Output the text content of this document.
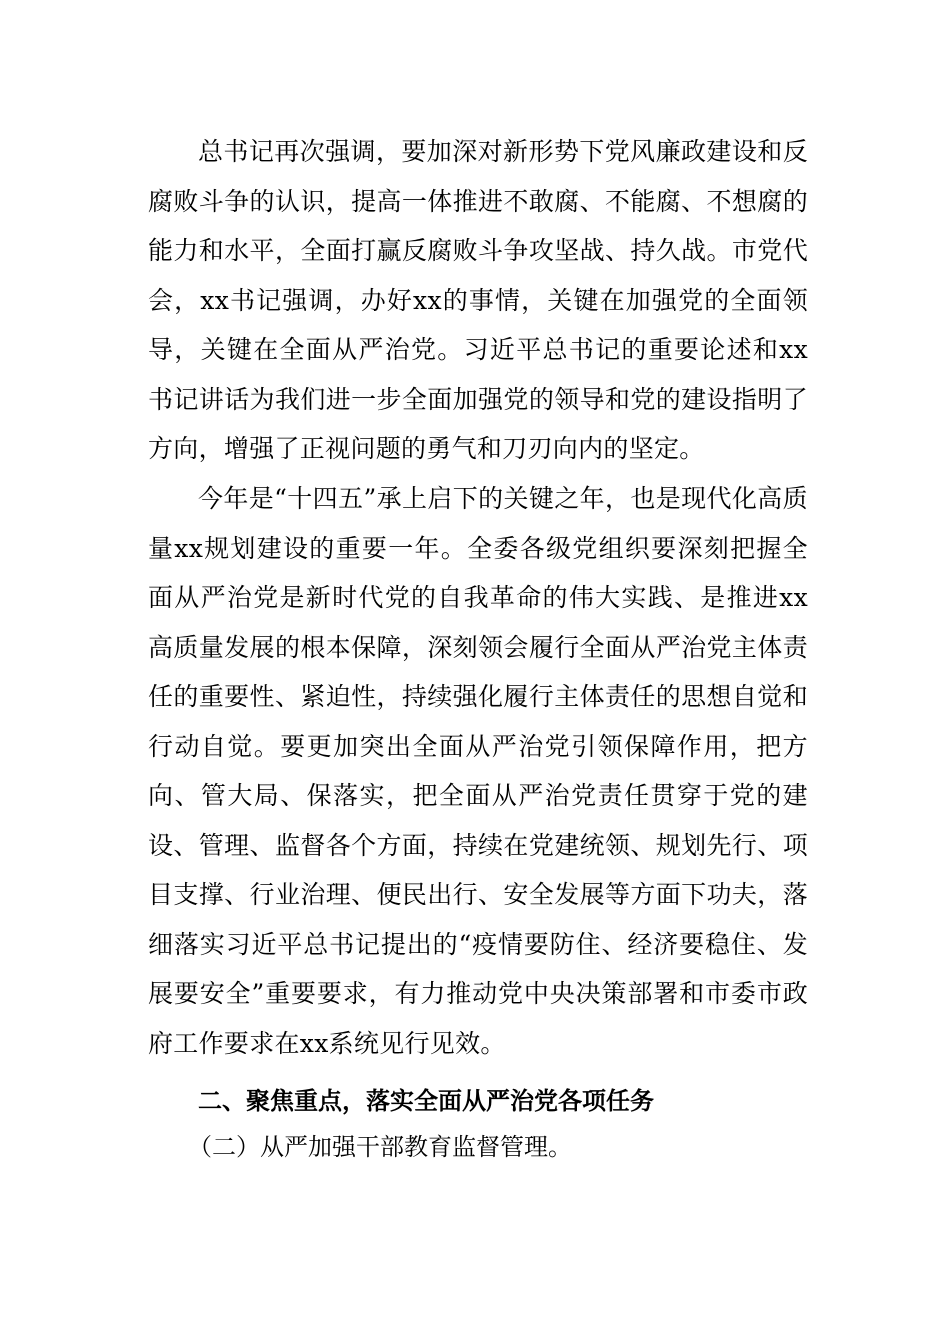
总书记再次强调，要加深对新形势下党风廉政建设和反腐败斗争的认识，提高一体推进不敢腐、不能腐、不想腐的能力和水平，全面打赢反腐败斗争攻坚战、持久战。市党代会，xx书记强调，办好xx的事情，关键在加强党的全面领导，关键在全面从严治党。习近平总书记的重要论述和xx书记讲话为我们进一步全面加强党的领导和党的建设指明了方向，增强了正视问题的勇气和刀刃向内的坚定。

今年是“十四五”承上启下的关键之年，也是现代化高质量xx规划建设的重要一年。全委各级党组织要深刻把握全面从严治党是新时代党的自我革命的伟大实践、是推进xx高质量发展的根本保障，深刻领会履行全面从严治党主体责任的重要性、紧迫性，持续强化履行主体责任的思想自觉和行动自觉。要更加突出全面从严治党引领保障作用，把方向、管大局、保落实，把全面从严治党责任贯穿于党的建设、管理、监督各个方面，持续在党建统领、规划先行、项目支撑、行业治理、便民出行、安全发展等方面下功夫，落细落实习近平总书记提出的“疫情要防住、经济要稳住、发展要安全”重要要求，有力推动党中央决策部署和市委市政府工作要求在xx系统见行见效。

二、聚焦重点，落实全面从严治党各项任务

（二）从严加强干部教育监督管理。
